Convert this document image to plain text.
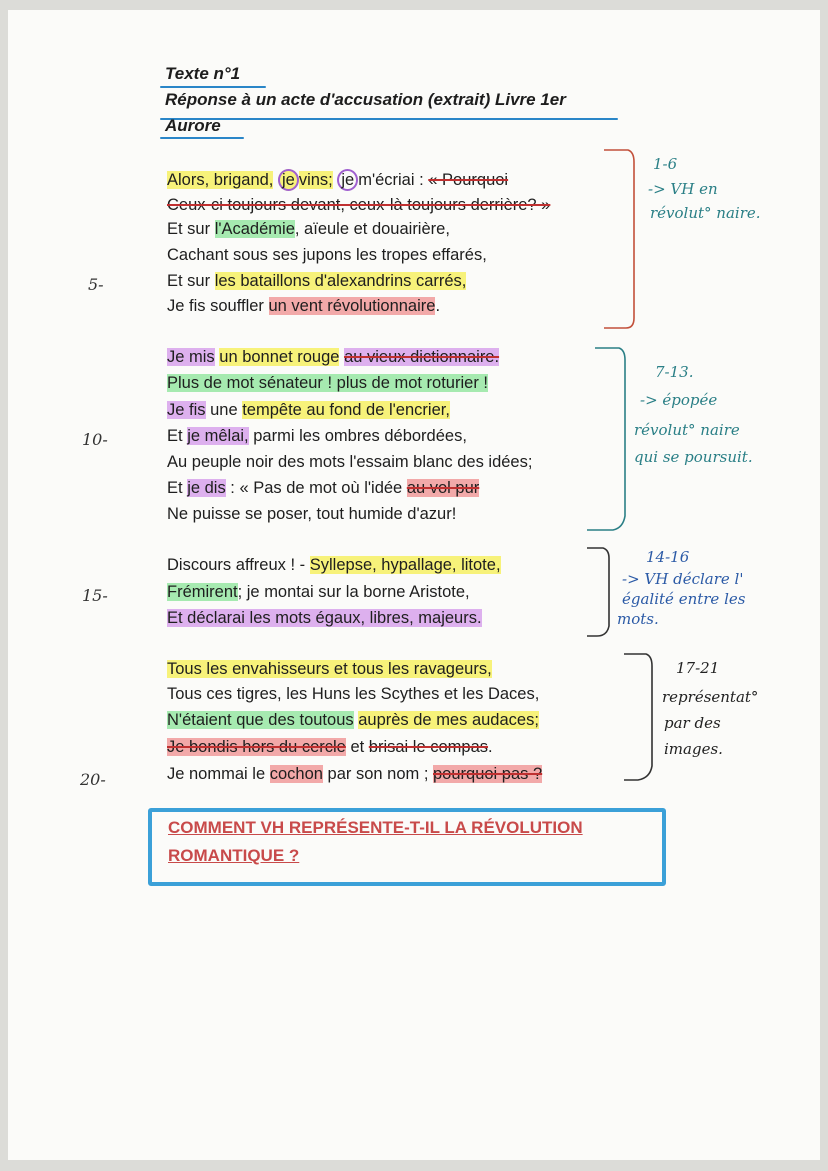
Texte n°1
Réponse à un acte d'accusation (extrait) Livre 1er
Aurore
Alors, brigand, je vins; je m'écriai : « Pourquoi
Ceux-ci toujours devant, ceux-là toujours derrière? »
Et sur l'Académie, aïeule et douairière,
Cachant sous ses jupons les tropes effarés,
Et sur les bataillons d'alexandrins carrés,
Je fis souffler un vent révolutionnaire.
Je mis un bonnet rouge au vieux dictionnaire.
Plus de mot sénateur ! plus de mot roturier !
Je fis une tempête au fond de l'encrier,
Et je mêlai, parmi les ombres débordées,
Au peuple noir des mots l'essaim blanc des idées;
Et je dis : « Pas de mot où l'idée au vol pur
Ne puisse se poser, tout humide d'azur!
Discours affreux ! - Syllepse, hypallage, litote,
Frémirent; je montai sur la borne Aristote,
Et déclarai les mots égaux, libres, majeurs.
Tous les envahisseurs et tous les ravageurs,
Tous ces tigres, les Huns les Scythes et les Daces,
N'étaient que des toutous auprès de mes audaces;
Je bondis hors du cercle et brisai le compas.
Je nommai le cochon par son nom ; pourquoi pas ?
5-
10-
15-
20-
1-6
-> VH en
révolut° naire.
7-13.
-> épopée
révolut° naire
qui se poursuit.
14-16
-> VH déclare l'
égalité entre les
mots.
17-21
représentat°
par des
images.
COMMENT VH REPRÉSENTE-T-IL LA RÉVOLUTION
ROMANTIQUE ?
